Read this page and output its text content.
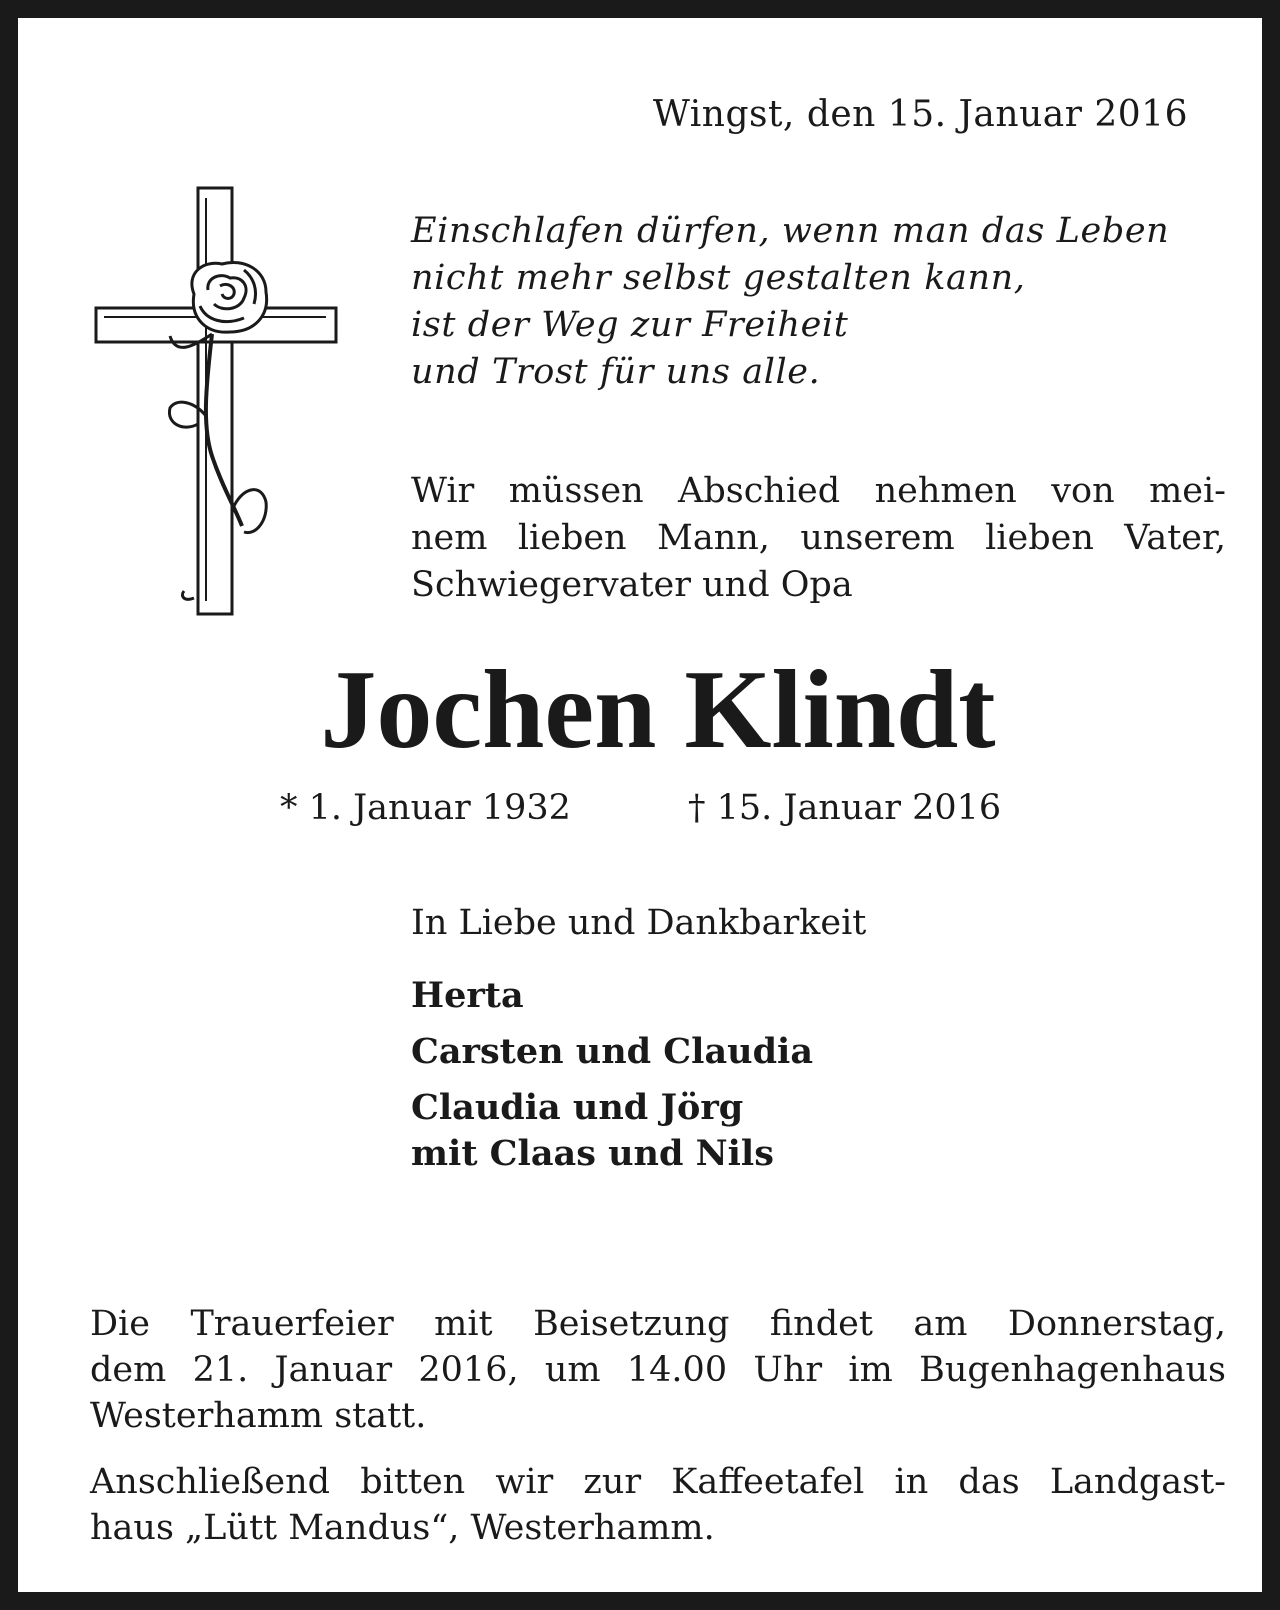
Wingst, den 15. Januar 2016
Einschlafen dürfen, wenn man das Leben
nicht mehr selbst gestalten kann,
ist der Weg zur Freiheit
und Trost für uns alle.
Wir müssen Abschied nehmen von mei-
nem lieben Mann, unserem lieben Vater,
Schwiegervater und Opa
Jochen Klindt
* 1. Januar 1932	† 15. Januar 2016
In Liebe und Dankbarkeit
Herta
Carsten und Claudia
Claudia und Jörg
mit Claas und Nils
Die Trauerfeier mit Beisetzung findet am Donnerstag,
dem 21. Januar 2016, um 14.00 Uhr im Bugenhagenhaus
Westerhamm statt.
Anschließend bitten wir zur Kaffeetafel in das Landgast-
haus „Lütt Mandus“, Westerhamm.
